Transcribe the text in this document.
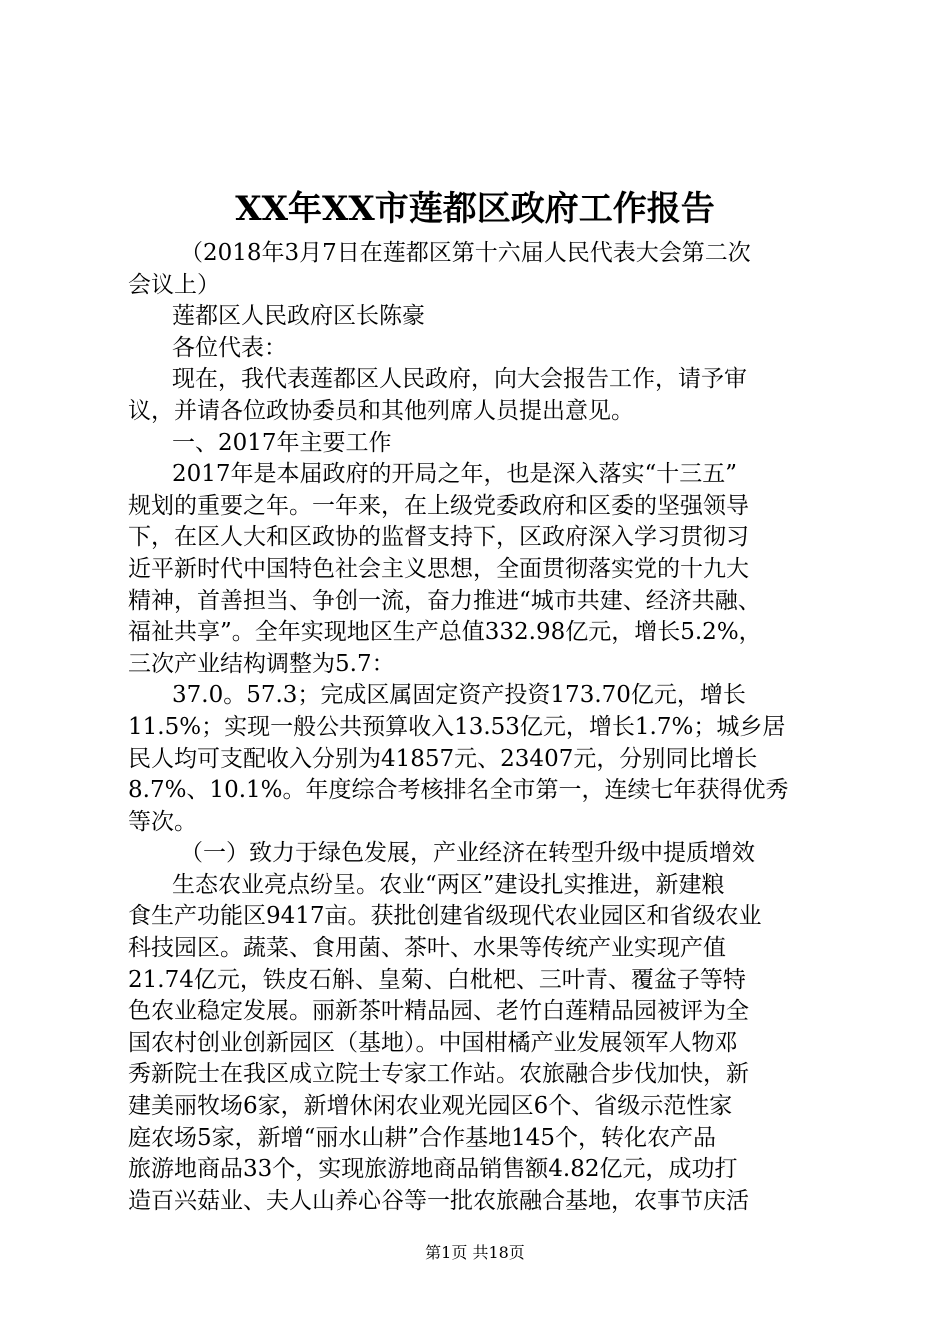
XX年XX市莲都区政府工作报告

（2018年3月7日在莲都区第十六届人民代表大会第二次

会议上）

莲都区人民政府区长陈豪

各位代表：

现在，我代表莲都区人民政府，向大会报告工作，请予审

议，并请各位政协委员和其他列席人员提出意见。

一、2017年主要工作

2017年是本届政府的开局之年，也是深入落实“十三五”

规划的重要之年。一年来，在上级党委政府和区委的坚强领导

下，在区人大和区政协的监督支持下，区政府深入学习贯彻习

近平新时代中国特色社会主义思想，全面贯彻落实党的十九大

精神，首善担当、争创一流，奋力推进“城市共建、经济共融、

福祉共享”。全年实现地区生产总值332.98亿元，增长5.2%，

三次产业结构调整为5.7：

37.0。57.3；完成区属固定资产投资173.70亿元，增长

11.5%；实现一般公共预算收入13.53亿元，增长1.7%；城乡居

民人均可支配收入分别为41857元、23407元，分别同比增长

8.7%、10.1%。年度综合考核排名全市第一，连续七年获得优秀

等次。

（一）致力于绿色发展，产业经济在转型升级中提质增效

生态农业亮点纷呈。农业“两区”建设扎实推进，新建粮

食生产功能区9417亩。获批创建省级现代农业园区和省级农业

科技园区。蔬菜、食用菌、茶叶、水果等传统产业实现产值

21.74亿元，铁皮石斛、皇菊、白枇杷、三叶青、覆盆子等特

色农业稳定发展。丽新茶叶精品园、老竹白莲精品园被评为全

国农村创业创新园区（基地）。中国柑橘产业发展领军人物邓

秀新院士在我区成立院士专家工作站。农旅融合步伐加快，新

建美丽牧场6家，新增休闲农业观光园区6个、省级示范性家

庭农场5家，新增“丽水山耕”合作基地145个，转化农产品

旅游地商品33个，实现旅游地商品销售额4.82亿元，成功打

造百兴菇业、夫人山养心谷等一批农旅融合基地，农事节庆活

第1页 共18页
